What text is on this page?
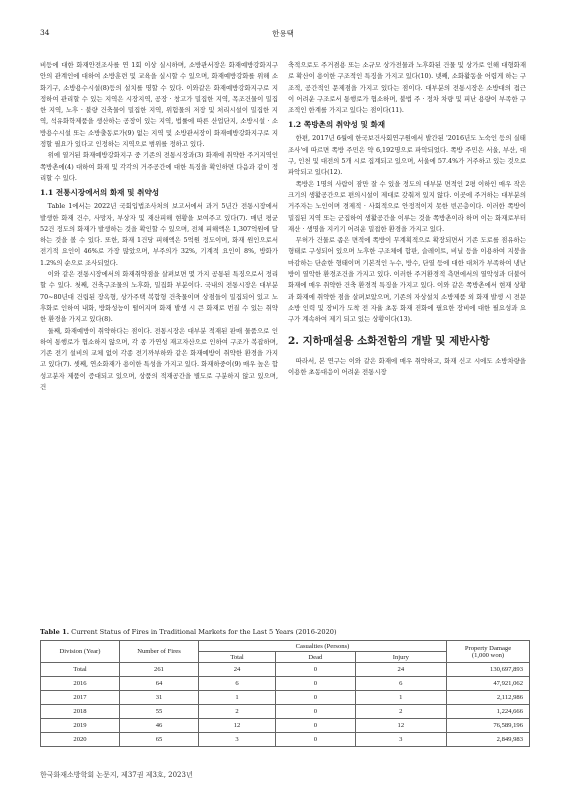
34	한용택

비등에 대한 화재안전조사를 연 1회 이상 실시하며, 소방관서장은 화재예방강화지구 안의 관계인에 대하여 소방훈련 및 교육을 실시할 수 있으며, 화재예방강화를 위해 소화기구, 소방용수시설(8)등의 설치를 명할 수 있다. 이와같은 화재예방강화지구로 지정하여 관리할 수 있는 지역은 시장지역, 공장 · 창고가 밀집한 지역, 목조건물이 밀집한 지역, 노후 · 불량 건축물이 밀집한 지역, 위험물의 저장 및 처리시설이 밀집한 지역, 석유화학제품을 생산하는 공장이 있는 지역, 법률에 따른 산업단지, 소방시설 · 소방용수시설 또는 소방출동로가(9) 없는 지역 및 소방관서장이 화재예방강화지구로 지정할 필요가 있다고 인정하는 지역으로 범위를 정하고 있다.

위에 열거된 화재예방강화지구 중 기존의 전통시장과(3) 화재에 취약한 주거지역인 쪽방촌에(4) 대하여 화재 및 각각의 거주공간에 대한 특징을 확인하면 다음과 같이 정리할 수 있다.

1.1 전통시장에서의 화재 및 취약성

Table 1에서는 2022년 국회입법조사처의 보고서에서 과거 5년간 전통시장에서 발생한 화재 건수, 사망자, 부상자 및 재산피해 현황을 보여주고 있다(7). 매년 평균 52건 정도의 화재가 발생하는 것을 확인할 수 있으며, 전체 피해액은 1,307억원에 달하는 것을 볼 수 있다. 또한, 화재 1건당 피해액은 5억원 정도이며, 화재 원인으로서 전기적 요인이 46%로 가장 많았으며, 부주의가 32%, 기계적 요인이 8%, 방화가 1.2%의 순으로 조사되었다.

이와 같은 전통시장에서의 화재취약점을 살펴보면 몇 가지 공통된 특징으로서 정리할 수 있다. 첫째, 건축구조물의 노후화, 밀집화 부분이다. 국내의 전통시장은 대부분 70~80년대 건립된 장옥형, 상가주택 복합형 건축물이며 상점들이 밀집되어 있고 노후화로 인하여 내화, 방화성능이 떨어지며 화재 발생 시 큰 화재로 번질 수 있는 취약한 환경을 가지고 있다(8).

둘째, 화재예방이 취약하다는 점이다. 전통시장은 대부분 적재된 판매 물품으로 인하여 통행로가 협소하지 않으며, 각 종 가연성 재고자산으로 인하여 구조가 복잡하며, 기존 전기 설비의 교체 없이 각종 전기까부하와 같은 화재예방이 취약한 환경을 가지고 있다(7). 셋째, 연소화재가 용이한 특성을 가지고 있다. 화재하중이(9) 매우 높은 합성고분자 제품이 증대되고 있으며, 상품의 적재공간을 별도로 구분하지 않고 있으며, 건

축적으로도 주거겸용 또는 소규모 상가전물과 노후화된 건물 및 상가로 인해 대형화재로 확산이 용이한 구조적인 특징을 가지고 있다(10). 넷째, 소화활동을 어렵게 하는 구조적, 공간적인 문제점을 가지고 있다는 점이다. 대부분의 전통시장은 소방대의 접근이 어려운 구조로서 통행로가 협소하며, 불법 주 · 정차 차량 및 피난 용량이 부족한 구조적인 한계를 가지고 있다는 점이다(11).

1.2 쪽방촌의 취약성 및 화재

한편, 2017년 6월에 한국보건사회연구원에서 발간된 '2016년도 노숙인 등의 실태조사'에 따르면 쪽방 주민은 약 6,192명으로 파악되었다. 쪽방 주민은 서울, 부산, 대구, 인천 및 대전의 5개 시로 집계되고 있으며, 서울에 57.4%가 거주하고 있는 것으로 파악되고 있다(12).

쪽방은 1명의 사람이 잠만 잘 수 있을 정도의 대부분 면적인 2평 이하인 매우 작은 크기의 생활공간으로 편의시설이 제대로 갖춰져 있지 않다. 이곳에 주거하는 대부분의 거주자는 노인이며 경제적 · 사회적으로 안정적이지 못한 빈곤층이다. 이러한 쪽방이 밀집된 지역 또는 군집하여 생활공간을 이루는 것을 쪽방촌이라 하며 이는 화재로부터 재산 · 생명을 지키기 어려운 밀접한 환경을 가지고 있다.

무허가 건물로 좁은 면적에 쪽방이 무계획적으로 확장되면서 기존 도로를 점유하는 형태로 구성되어 있으며 노후한 구조체에 합판, 슬레이트, 비닐 등을 이용하여 지붕을 마감하는 단순한 형태이며 기본적인 누수, 방수, 단열 등에 대한 대처가 부족하여 냉난방이 열악한 환경조건을 가지고 있다. 이러한 주거환경적 측면에서의 열악성과 더불어 화재에 매우 취약한 건축 환경적 특징을 가지고 있다. 이와 같은 쪽방촌에서 현재 상황과 화재에 취약한 점을 살펴보았으며, 기존의 자상설치 소방제품 외 화재 발생 시 전문 소방 인력 및 장비가 도착 전 자율 초동 화재 진화에 필요한 장비에 대한 필요성과 요구가 계속하여 제기 되고 있는 상황이다(13).

2. 지하매설용 소화전함의 개발 및 제반사항

따라서, 본 연구는 이와 같은 화재에 매우 취약하고, 화재 신고 시에도 소방차량을 이용한 초동대응이 어려운 전통시장

Table 1. Current Status of Fires in Traditional Markets for the Last 5 Years (2016-2020)
Division (Year)	Number of Fires	Casualties (Persons)			Property Damage
(1,000 won)
		Total	Dead	Injury	
Total	261	24	0	24	130,697,893
2016	64	6	0	6	47,921,062
2017	31	1	0	1	2,112,986
2018	55	2	0	2	1,224,666
2019	46	12	0	12	76,589,196
2020	65	3	0	3	2,849,983
한국화재소방학회 논문지, 제37권 제3호, 2023년
